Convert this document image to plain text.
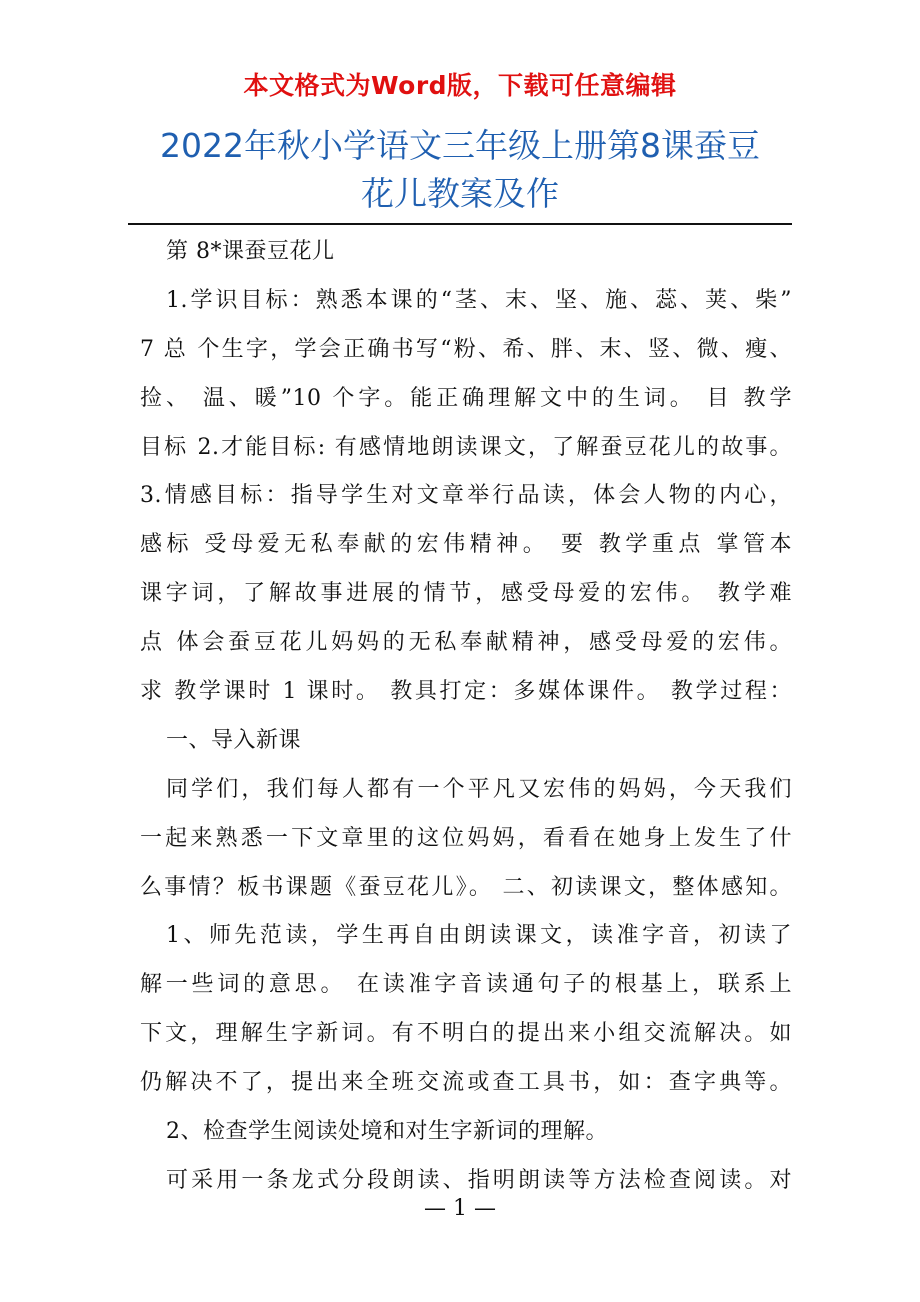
本文格式为Word版，下载可任意编辑
2022年秋小学语文三年级上册第8课蚕豆
花儿教案及作
第 8*课蚕豆花儿
1.学识目标：熟悉本课的“茎、末、坚、施、蕊、荚、柴”
7 总 个生字，学会正确书写“粉、希、胖、末、竖、微、瘦、
捡、 温、暖”10 个字。能正确理解文中的生词。 目 教学
目标 2.才能目标: 有感情地朗读课文，了解蚕豆花儿的故事。
3.情感目标：指导学生对文章举行品读，体会人物的内心，
感标 受母爱无私奉献的宏伟精神。 要 教学重点 掌管本
课字词，了解故事进展的情节，感受母爱的宏伟。 教学难
点 体会蚕豆花儿妈妈的无私奉献精神，感受母爱的宏伟。
求 教学课时 1 课时。 教具打定：多媒体课件。 教学过程：
一、导入新课
同学们，我们每人都有一个平凡又宏伟的妈妈，今天我们
一起来熟悉一下文章里的这位妈妈，看看在她身上发生了什
么事情？板书课题《蚕豆花儿》。 二、初读课文，整体感知。
1、师先范读，学生再自由朗读课文，读准字音，初读了
解一些词的意思。 在读准字音读通句子的根基上，联系上
下文，理解生字新词。有不明白的提出来小组交流解决。如
仍解决不了，提出来全班交流或查工具书，如：查字典等。
2、检查学生阅读处境和对生字新词的理解。
可采用一条龙式分段朗读、指明朗读等方法检查阅读。对
— 1 —
